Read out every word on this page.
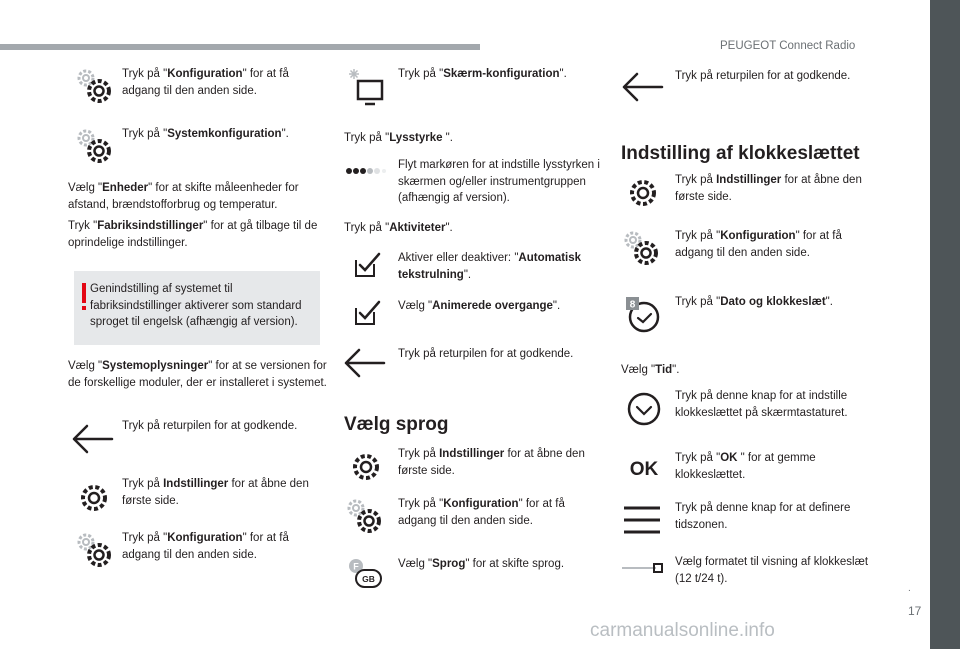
PEUGEOT Connect Radio
.
17
Tryk på "Konfiguration" for at få adgang til den anden side.
Tryk på "Systemkonfiguration".
Vælg "Enheder" for at skifte måleenheder for afstand, brændstofforbrug og temperatur.
Tryk "Fabriksindstillinger" for at gå tilbage til de oprindelige indstillinger.
Genindstilling af systemet til fabriksindstillinger aktiverer som standard sproget til engelsk (afhængig af version).
Vælg "Systemoplysninger" for at se versionen for de forskellige moduler, der er installeret i systemet.
Tryk på returpilen for at godkende.
Tryk på Indstillinger for at åbne den første side.
Tryk på "Konfiguration" for at få adgang til den anden side.
Tryk på "Skærm-konfiguration".
Tryk på "Lysstyrke ".
Flyt markøren for at indstille lysstyrken i skærmen og/eller instrumentgruppen (afhængig af version).
Tryk på "Aktiviteter".
Aktiver eller deaktiver: "Automatisk tekstrulning".
Vælg "Animerede overgange".
Tryk på returpilen for at godkende.
Vælg sprog
Tryk på Indstillinger for at åbne den første side.
Tryk på "Konfiguration" for at få adgang til den anden side.
F
GB
Vælg "Sprog" for at skifte sprog.
Tryk på returpilen for at godkende.
Indstilling af klokkeslættet
Tryk på Indstillinger for at åbne den første side.
Tryk på "Konfiguration" for at få adgang til den anden side.
8	Tryk på "Dato og klokkeslæt".
Vælg "Tid".
Tryk på denne knap for at indstille klokkeslættet på skærmtastaturet.
OK
Tryk på "OK " for at gemme klokkeslættet.
Tryk på denne knap for at definere tidszonen.
Vælg formatet til visning af klokkeslæt (12 t/24 t).
carmanualsonline.info
